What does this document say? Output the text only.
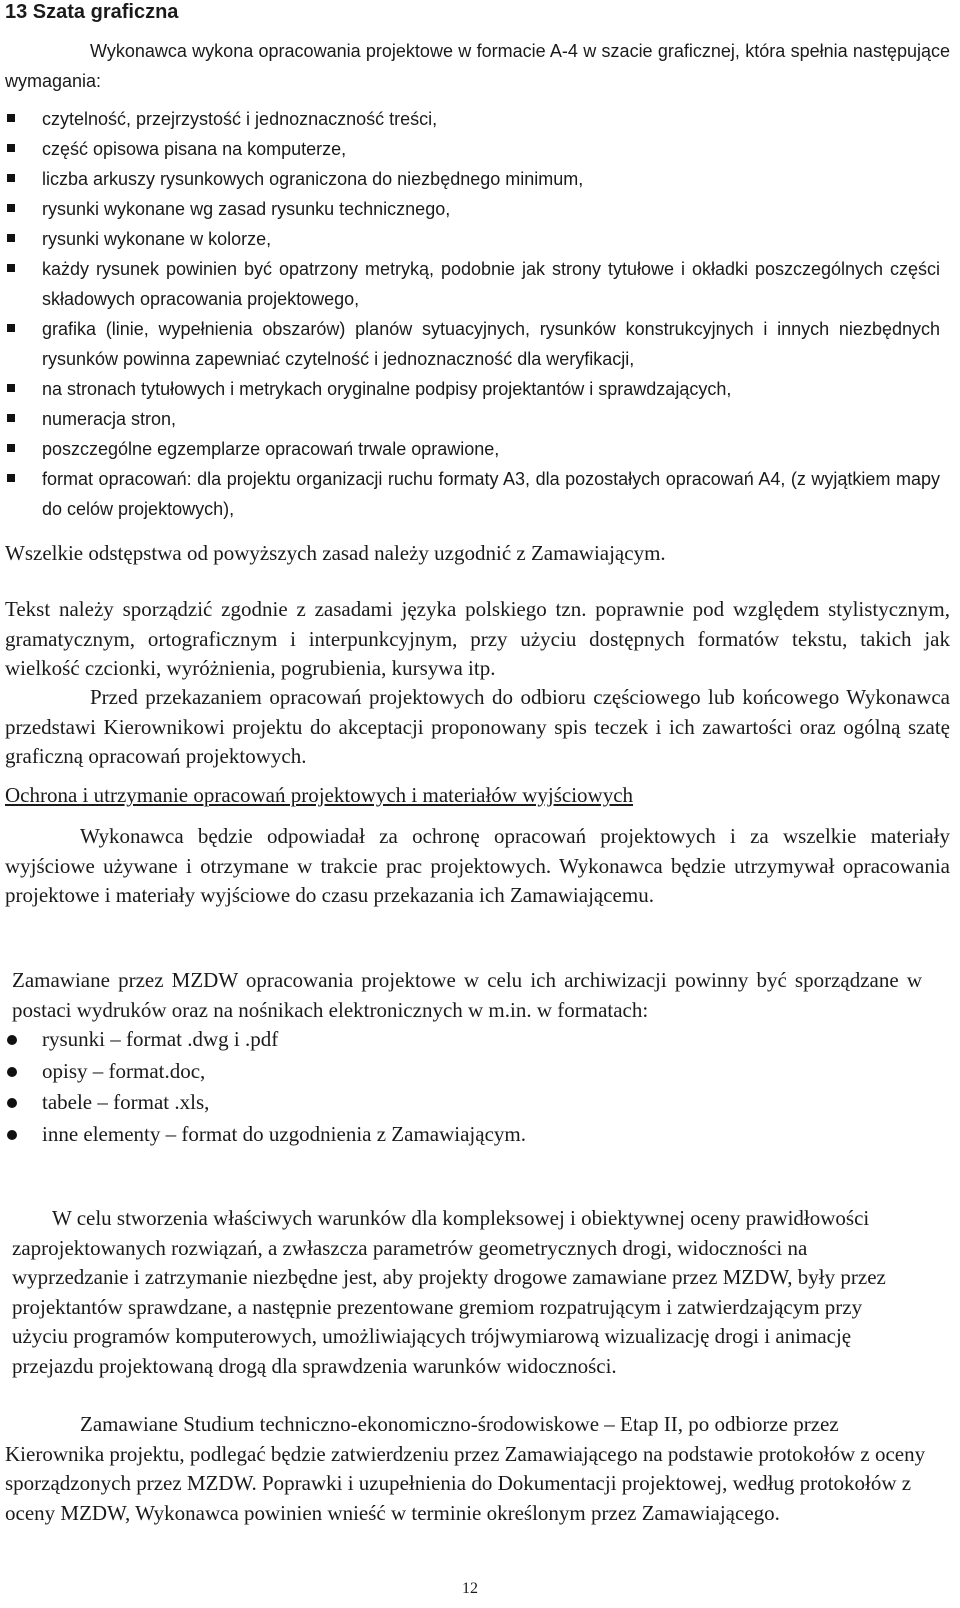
13 Szata graficzna

Wykonawca wykona opracowania projektowe w formacie A-4 w szacie graficznej, która spełnia następujące wymagania:

czytelność, przejrzystość i jednoznaczność treści,
część opisowa pisana na komputerze,
liczba arkuszy rysunkowych ograniczona do niezbędnego minimum,
rysunki wykonane wg zasad rysunku technicznego,
rysunki wykonane w kolorze,
każdy rysunek powinien być opatrzony metryką, podobnie jak strony tytułowe i okładki poszczególnych części składowych opracowania projektowego,
grafika (linie, wypełnienia obszarów) planów sytuacyjnych, rysunków konstrukcyjnych i innych niezbędnych rysunków powinna zapewniać czytelność i jednoznaczność dla weryfikacji,
na stronach tytułowych i metrykach oryginalne podpisy projektantów i sprawdzających,
numeracja stron,
poszczególne egzemplarze opracowań trwale oprawione,
format opracowań: dla projektu organizacji ruchu formaty A3, dla pozostałych opracowań A4, (z wyjątkiem mapy do celów projektowych),

Wszelkie odstępstwa od powyższych zasad należy uzgodnić z Zamawiającym.

Tekst należy sporządzić zgodnie z zasadami języka polskiego tzn. poprawnie pod względem stylistycznym, gramatycznym, ortograficznym i interpunkcyjnym, przy użyciu dostępnych formatów tekstu, takich jak wielkość czcionki, wyróżnienia, pogrubienia, kursywa itp.

Przed przekazaniem opracowań projektowych do odbioru częściowego lub końcowego Wykonawca przedstawi Kierownikowi projektu do akceptacji proponowany spis teczek i ich zawartości oraz ogólną szatę graficzną opracowań projektowych.

Ochrona i utrzymanie opracowań projektowych i materiałów wyjściowych

Wykonawca będzie odpowiadał za ochronę opracowań projektowych i za wszelkie materiały wyjściowe używane i otrzymane w trakcie prac projektowych. Wykonawca będzie utrzymywał opracowania projektowe i materiały wyjściowe do czasu przekazania ich Zamawiającemu.

Zamawiane przez MZDW opracowania projektowe w celu ich archiwizacji powinny być sporządzane w postaci wydruków oraz na nośnikach elektronicznych w m.in. w formatach:

rysunki – format .dwg i .pdf
opisy – format.doc,
tabele – format .xls,
inne elementy – format do uzgodnienia z Zamawiającym.

W celu stworzenia właściwych warunków dla kompleksowej i obiektywnej oceny prawidłowości zaprojektowanych rozwiązań, a zwłaszcza parametrów geometrycznych drogi, widoczności na wyprzedzanie i zatrzymanie niezbędne jest, aby projekty drogowe zamawiane przez MZDW, były przez projektantów sprawdzane, a następnie prezentowane gremiom rozpatrującym i zatwierdzającym przy użyciu programów komputerowych, umożliwiających trójwymiarową wizualizację drogi i animację przejazdu projektowaną drogą dla sprawdzenia warunków widoczności.

Zamawiane Studium techniczno-ekonomiczno-środowiskowe – Etap II, po odbiorze przez Kierownika projektu, podlegać będzie zatwierdzeniu przez Zamawiającego na podstawie protokołów z oceny sporządzonych przez MZDW. Poprawki i uzupełnienia do Dokumentacji projektowej, według protokołów z oceny MZDW, Wykonawca powinien wnieść w terminie określonym przez Zamawiającego.

12
